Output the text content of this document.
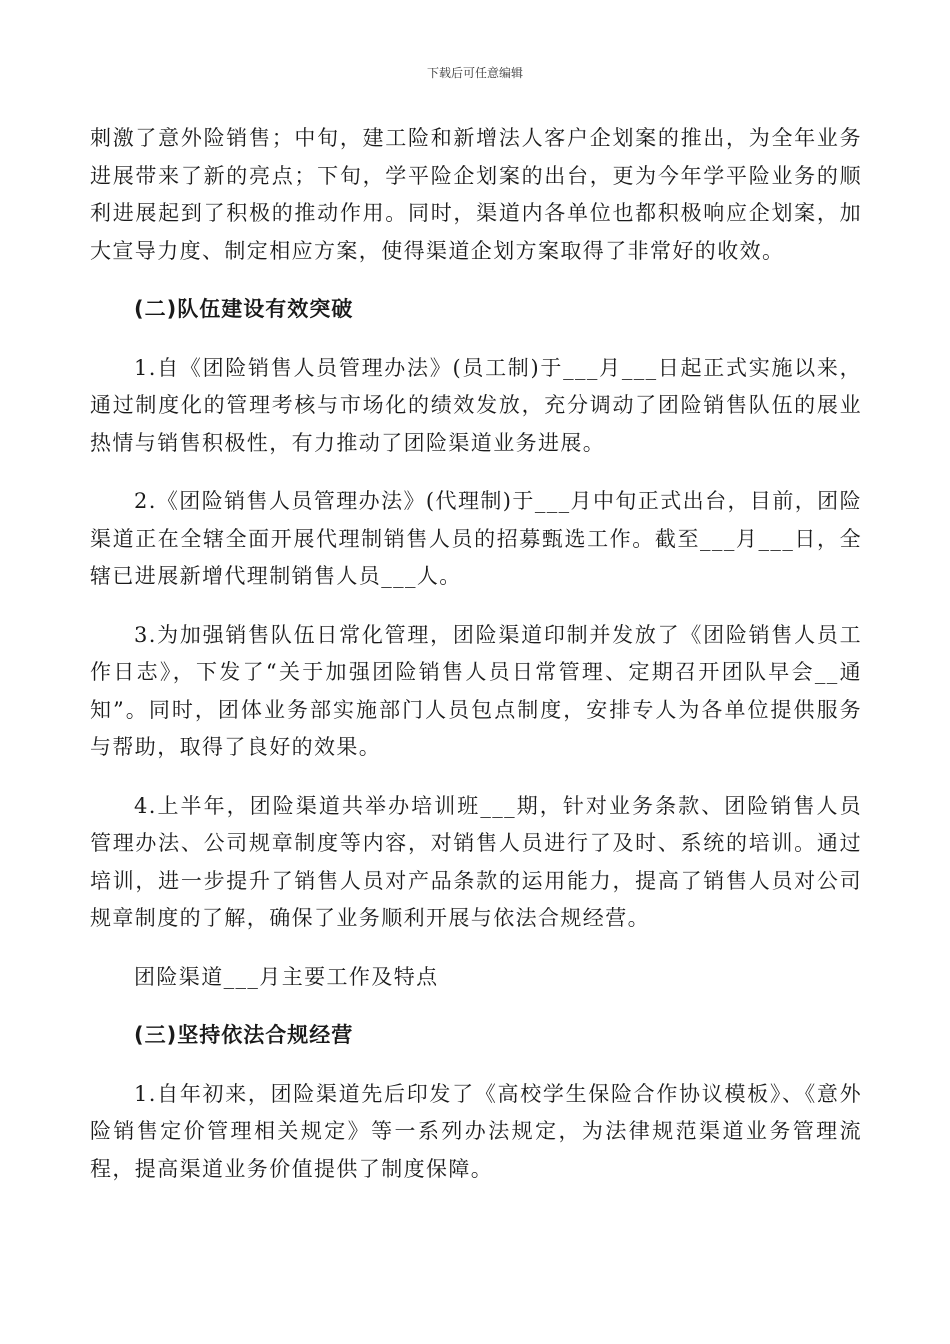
下载后可任意编辑

刺激了意外险销售；中旬，建工险和新增法人客户企划案的推出，为全年业务进展带来了新的亮点；下旬，学平险企划案的出台，更为今年学平险业务的顺利进展起到了积极的推动作用。同时，渠道内各单位也都积极响应企划案，加大宣导力度、制定相应方案，使得渠道企划方案取得了非常好的收效。

(二)队伍建设有效突破

1.自《团险销售人员管理办法》(员工制)于___月___日起正式实施以来，通过制度化的管理考核与市场化的绩效发放，充分调动了团险销售队伍的展业热情与销售积极性，有力推动了团险渠道业务进展。

2.《团险销售人员管理办法》(代理制)于___月中旬正式出台，目前，团险渠道正在全辖全面开展代理制销售人员的招募甄选工作。截至___月___日，全辖已进展新增代理制销售人员___人。

3.为加强销售队伍日常化管理，团险渠道印制并发放了《团险销售人员工作日志》，下发了“关于加强团险销售人员日常管理、定期召开团队早会__通知”。同时，团体业务部实施部门人员包点制度，安排专人为各单位提供服务与帮助，取得了良好的效果。

4.上半年，团险渠道共举办培训班___期，针对业务条款、团险销售人员管理办法、公司规章制度等内容，对销售人员进行了及时、系统的培训。通过培训，进一步提升了销售人员对产品条款的运用能力，提高了销售人员对公司规章制度的了解，确保了业务顺利开展与依法合规经营。

团险渠道___月主要工作及特点

(三)坚持依法合规经营

1.自年初来，团险渠道先后印发了《高校学生保险合作协议模板》、《意外险销售定价管理相关规定》等一系列办法规定，为法律规范渠道业务管理流程，提高渠道业务价值提供了制度保障。
